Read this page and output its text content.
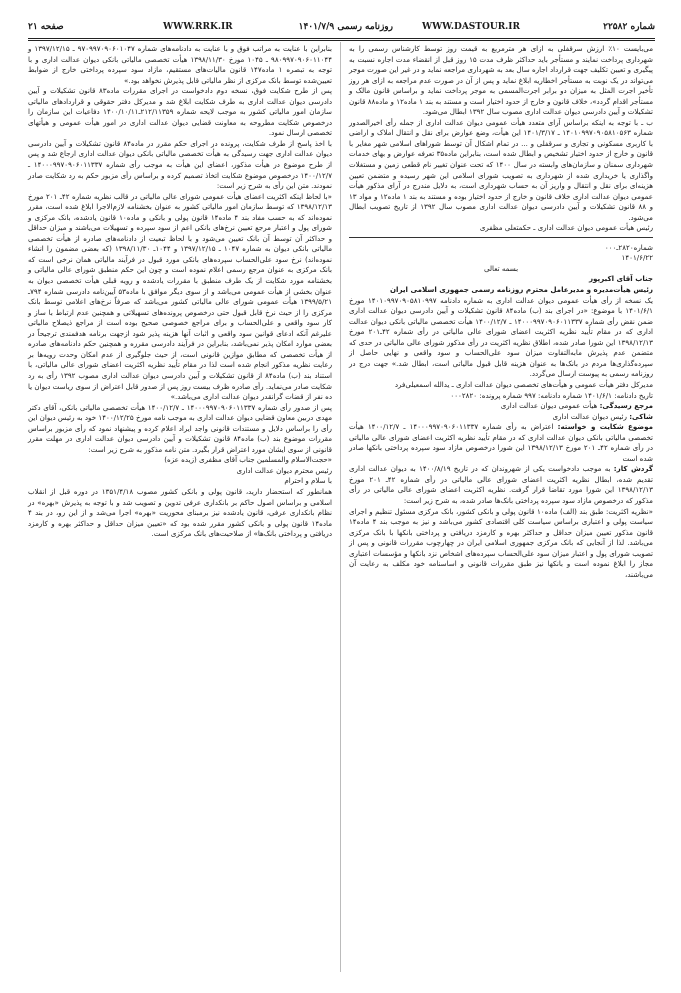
شماره ۲۲۵۸۲
WWW.DASTOUR.IR
روزنامه رسمی ۱۴۰۱/۷/۹
WWW.RRK.IR
صفحه ۲۱

می‌بایست ۱۰٪ ارزش سرقفلی به ازای هر مترمربع به قیمت روز توسط کارشناس رسمی را به شهرداری پرداخت نمایند و مستأجر باید حداکثر ظرف مدت ۱۵ روز قبل از انقضاء مدت اجاره نسبت به پیگیری و تعیین تکلیف جهت قرارداد اجاره سال بعد به شهرداری مراجعه نماید و در غیر این صورت موجر می‌تواند در یک نوبت به مستأجر اخطاریه ابلاغ نماید و پس از آن در صورت عدم مراجعه به ازای هر روز تأخیر اجرت المثل به میزان دو برابر اجرت‌المسمی به موجر پرداخت نماید و براساس قانون مالک و مستأجر اقدام گردد»، خلاف قانون و خارج از حدود اختیار است و مستند به بند ۱ ماده۱۲ و ماده۸۸ قانون تشکیلات و آیین دادرسی دیوان عدالت اداری مصوب سال ۱۳۹۲ ابطال می‌شود.

ب ـ با توجه به اینکه براساس آرای متعدد هیأت عمومی دیوان عدالت اداری از جمله رأی اخیرالصدور شماره ۱۴۰۱۰۹۹۷۰۹۰۵۸۱۰۵۶۳ ـ ۱۴۰۱/۳/۱۷ این هیأت، وضع عوارض برای نقل و انتقال املاک و اراضی با کاربری مسکونی و تجاری و سرقفلی و ... در تمام اشکال آن توسط شوراهای اسلامی شهر مغایر با قانون و خارج از حدود اختیار تشخیص و ابطال شده است، بنابراین ماده۳۵ تعرفه عوارض و بهای خدمات شهرداری سمنان و سازمان‌های وابسته در سال ۱۴۰۰ که تحت عنوان تغییر نام قطعی زمین و مستغلات واگذاری یا خریداری شده از شهرداری به تصویب شورای اسلامی این شهر رسیده و متضمن تعیین هزینه‌ای برای نقل و انتقال و واریز آن به حساب شهرداری است، به دلایل مندرج در آرای مذکور هیأت عمومی دیوان عدالت اداری خلاف قانون و خارج از حدود اختیار بوده و مستند به بند ۱ ماده۱۲ و مواد ۱۳ و ۸۸ قانون تشکیلات و آیین دادرسی دیوان عدالت اداری مصوب سال ۱۳۹۲ از تاریخ تصویب ابطال می‌شود.

رئیس هیأت عمومی دیوان عدالت اداری ـ حکمتعلی مظفری

شماره۲۸۲۰ـ۰۰۰

۱۴۰۱/۶/۲۲

بسمه تعالی

جناب آقای اکبرپور

رئیس هیأت‌مدیره و مدیرعامل محترم روزنامه رسمی جمهوری اسلامی ایران

یک نسخه از رأی هیأت عمومی دیوان عدالت اداری به شماره دادنامه ۱۴۰۱۰۹۹۷۰۹۰۵۸۱۰۹۹۷ مورخ ۱۴۰۱/۶/۱ با موضوع: «در اجرای بند (ب) ماده۸۴ قانون تشکیلات و آیین دادرسی دیوان عدالت اداری ضمن نقض رأی شماره ۱۴۰۰۰۹۹۷۰۹۰۶۰۱۱۳۳۷ ـ ۱۴۰۰/۱۲/۷ هیأت تخصصی مالیاتی بانکی دیوان عدالت اداری که در مقام تأیید نظریه اکثریت اعضای شورای عالی مالیاتی در رأی شماره ۴۲ـ۲۰۱ مورخ ۱۳۹۸/۱۲/۱۳ این شورا صادر شده، اطلاق نظریه اکثریت در رأی مذکور شورای عالی مالیاتی در حدی که متضمن عدم پذیرش مابه‌التفاوت میزان سود علی‌الحساب و سود واقعی و نهایی حاصل از سپرده‌گذاری‌ها مردم در بانک‌ها به عنوان هزینه قابل قبول مالیاتی است، ابطال شد.» جهت درج در روزنامه رسمی به پیوست ارسال می‌گردد.

مدیرکل دفتر هیأت عمومی و هیأت‌های تخصصی دیوان عدالت اداری ـ یدالله اسمعیلی‌فرد

تاریخ دادنامه: ۱۴۰۱/۶/۱ شماره دادنامه: ۹۹۷ شماره پرونده: ۰۰۰۲۸۲۰

مرجع رسیدگی: هیأت عمومی دیوان عدالت اداری

شاکی: رئیس دیوان عدالت اداری

موضوع شکایت و خواسته: اعتراض به رأی شماره ۱۴۰۰۰۹۹۷۰۹۰۶۰۱۱۳۳۷ ـ ۱۴۰۰/۱۲/۷ هیأت تخصصی مالیاتی بانکی دیوان عدالت اداری که در مقام تأیید نظریه اکثریت اعضای شورای عالی مالیاتی در رأی شماره ۴۲ـ ۲۰۱ مورخ ۱۳۹۸/۱۲/۱۳ این شورا درخصوص مازاد سود سپرده پرداختی بانکها صادر شده است

گردش کار: به موجب دادخواست یکی از شهروندان که در تاریخ ۱۴۰۰/۸/۱۹ به دیوان عدالت اداری تقدیم شده، ابطال نظریه اکثریت اعضای شورای عالی مالیاتی در رأی شماره ۴۲ـ ۲۰۱ مورخ ۱۳۹۸/۱۲/۱۳ این شورا مورد تقاضا قرار گرفت. نظریه اکثریت اعضای شورای عالی مالیاتی در رأی مذکور که درخصوص مازاد سود سپرده پرداختی بانک‌ها صادر شده، به شرح زیر است:

«نظریه اکثریت: طبق بند (الف) ماده۱۰ قانون پولی و بانکی کشور، بانک مرکزی مسئول تنظیم و اجرای سیاست پولی و اعتباری براساس سیاست کلی اقتصادی کشور می‌باشد و نیز به موجب بند ۴ ماده۱۴ قانون مذکور تعیین میزان حداقل و حداکثر بهره و کارمزد دریافتی و پرداختی بانکها با بانک مرکزی می‌باشد. لذا از آنجایی که بانک مرکزی جمهوری اسلامی ایران در چهارچوب مقررات قانونی و پس از تصویب شورای پول و اعتبار میزان سود علی‌الحساب سپرده‌های اشخاص نزد بانکها و مؤسسات اعتباری مجاز را ابلاغ نموده است و بانکها نیز طبق مقررات قانونی و اساسنامه خود مکلف به رعایت آن می‌باشند،

بنابراین با عنایت به مراتب فوق و با عنایت به دادنامه‌های شماره ۹۷۰۹۹۷۰۹۰۶۰۱۰۴۷ ـ ۱۳۹۷/۱۲/۱۵ و ۹۸۰۹۹۷۰۹۰۶۰۱۱۰۴۴ ـ ۱۰۴۵ مورخ ۱۳۹۸/۱۱/۳۰ هیأت تخصصی مالیاتی بانکی دیوان عدالت اداری و با توجه به تبصره ۱ ماده۱۴۷ قانون مالیات‌های مستقیم، مازاد سود سپرده پرداختی خارج از ضوابط تعیین‌شده توسط بانک مرکزی از نظر مالیاتی قابل پذیرش نخواهد بود.»

پس از طرح شکایت فوق، نسخه دوم دادخواست در اجرای مقررات ماده۸۳ قانون تشکیلات و آیین دادرسی دیوان عدالت اداری به طرف شکایت ابلاغ شد و مدیرکل دفتر حقوقی و قراردادهای مالیاتی سازمان امور مالیاتی کشور به موجب لایحه شماره ۲۱۲/۱۱۳۵۹ـ۱۴۰۰/۱۰/۱۱ دفاعیات این سازمان را درخصوص شکایت مطروحه به معاونت قضایی دیوان عدالت اداری در امور هیأت عمومی و هیأتهای تخصصی ارسال نمود.

با اخذ پاسخ از طرف شکایت، پرونده در اجرای حکم مقرر در ماده۸۴ قانون تشکیلات و آیین دادرسی دیوان عدالت اداری جهت رسیدگی به هیأت تخصصی مالیاتی بانکی دیوان عدالت اداری ارجاع شد و پس از طرح موضوع در هیأت مذکور، اعضای این هیأت به موجب رأی شماره ۱۴۰۰۰۹۹۷۰۹۰۶۰۱۱۳۳۷ ـ ۱۴۰۰/۱۲/۷ درخصوص موضوع شکایت اتخاذ تصمیم کرده و براساس رأی مزبور حکم به رد شکایت صادر نمودند. متن این رأی به شرح زیر است:

«با لحاظ اینکه اکثریت اعضای هیأت عمومی شورای عالی مالیاتی در قالب نظریه شماره ۴۲ـ ۲۰۱ مورخ ۱۳۹۸/۱۲/۱۳ که توسط سازمان امور مالیاتی کشور به عنوان بخشنامه لازم‌الاجرا ابلاغ شده است، مقرر نموده‌اند که به حسب مفاد بند ۴ ماده۱۴ قانون پولی و بانکی و ماده۱۰ قانون یادشده، بانک مرکزی و شورای پول و اعتبار مرجع تعیین نرخ‌های بانکی اعم از سود سپرده و تسهیلات می‌باشند و میزان حداقل و حداکثر آن توسط آن بانک تعیین می‌شود و با لحاظ تبعیت از دادنامه‌های صادره از هیأت تخصصی مالیاتی بانکی دیوان به شماره ۱۰۴۷ ـ ۱۳۹۷/۱۲/۱۵ و ۱۰۴۴ـ ۱۳۹۸/۱۱/۳۰ (که بعضی مضمون را انشاء نموده‌اند) نرخ سود علی‌الحساب سپرده‌های بانکی مورد قبول در فرآیند مالیاتی همان نرخی است که بانک مرکزی به عنوان مرجع رسمی اعلام نموده است و چون این حکم منطبق شورای عالی مالیاتی و بخشنامه مورد شکایت از یک طرف منطبق با مقررات یادشده و رویه قبلی هیأت تخصصی دیوان به عنوان بخشی از هیأت عمومی می‌باشد و از سوی دیگر موافق با ماده۵۳ آیین‌نامه دادرسی شماره ۷۹۴ـ ۱۳۹۹/۵/۲۱ هیأت عمومی شورای عالی مالیاتی کشور می‌باشد که صرفاً نرخ‌های اعلامی توسط بانک مرکزی را از حیث نرخ قابل قبول حتی درخصوص پرونده‌های تسهیلاتی و همچنین عدم ارتباط با ساز و کار سود واقعی و علی‌الحساب و برای مراجع خصوصی صحیح بوده است از مراجع ذیصلاح مالیاتی علیرغم آنکه ادعای قوانین سود واقعی و اثبات آنها هزینه پذیر شود ازجهت برنامه هدفمندی ترجیحاً در بعضی موارد امکان پذیر نمی‌باشد، بنابراین در فرآیند دادرسی مقرره و همچنین حکم دادنامه‌های صادره از هیأت تخصصی که مطابق موازین قانونی است، از حیث جلوگیری از عدم امکان وحدت رویه‌ها بر رعایت نظریه مذکور انجام شده است لذا در مقام تأیید نظریه اکثریت اعضای شورای عالی مالیاتی، با استناد بند (ب) ماده۸۴ از قانون تشکیلات و آیین دادرسی دیوان عدالت اداری مصوب ۱۳۹۲ رأی به رد شکایت صادر می‌نماید. رأی صادره ظرف بیست روز پس از صدور قابل اعتراض از سوی ریاست دیوان یا ده نفر از قضات گرانقدر دیوان عدالت اداری می‌باشد.»

پس از صدور رأی شماره ۱۴۰۰۰۹۹۷۰۹۰۶۰۱۱۳۳۷ ـ ۱۴۰۰/۱۲/۷ هیأت تخصصی مالیاتی بانکی، آقای دکتر مهدی دربین معاون قضایی دیوان عدالت اداری به موجب نامه مورخ ۱۴۰۰/۱۲/۲۵ خود به رئیس دیوان این رأی را براساس دلایل و مستندات قانونی واجد ایراد اعلام کرده و پیشنهاد نمود که رأی مزبور براساس مقررات موضوع بند (ب) ماده۸۴ قانون تشکیلات و آیین دادرسی دیوان عدالت اداری در مهلت مقرر قانونی از سوی ایشان مورد اعتراض قرار بگیرد. متن نامه مذکور به شرح زیر است:

«حجت‌الاسلام والمسلمین جناب آقای مظفری (زیده عزه)

رئیس محترم دیوان عدالت اداری

با سلام و احترام

همانطور که استحضار دارید، قانون پولی و بانکی کشور مصوب ۱۳۵۱/۴/۱۸ در دوره قبل از انقلاب اسلامی و براساس اصول حاکم بر بانکداری عرفی تدوین و تصویب شد و با توجه به پذیرش «بهره» در نظام بانکداری عرفی، قانون یادشده نیز برمبنای محوریت «بهره» اجرا می‌شد و از این رو، در بند ۴ ماده۱۴ قانون پولی و بانکی کشور مقرر شده بود که «تعیین میزان حداقل و حداکثر بهره و کارمزد دریافتی و پرداختی بانک‌ها» از صلاحیت‌های بانک مرکزی است.
